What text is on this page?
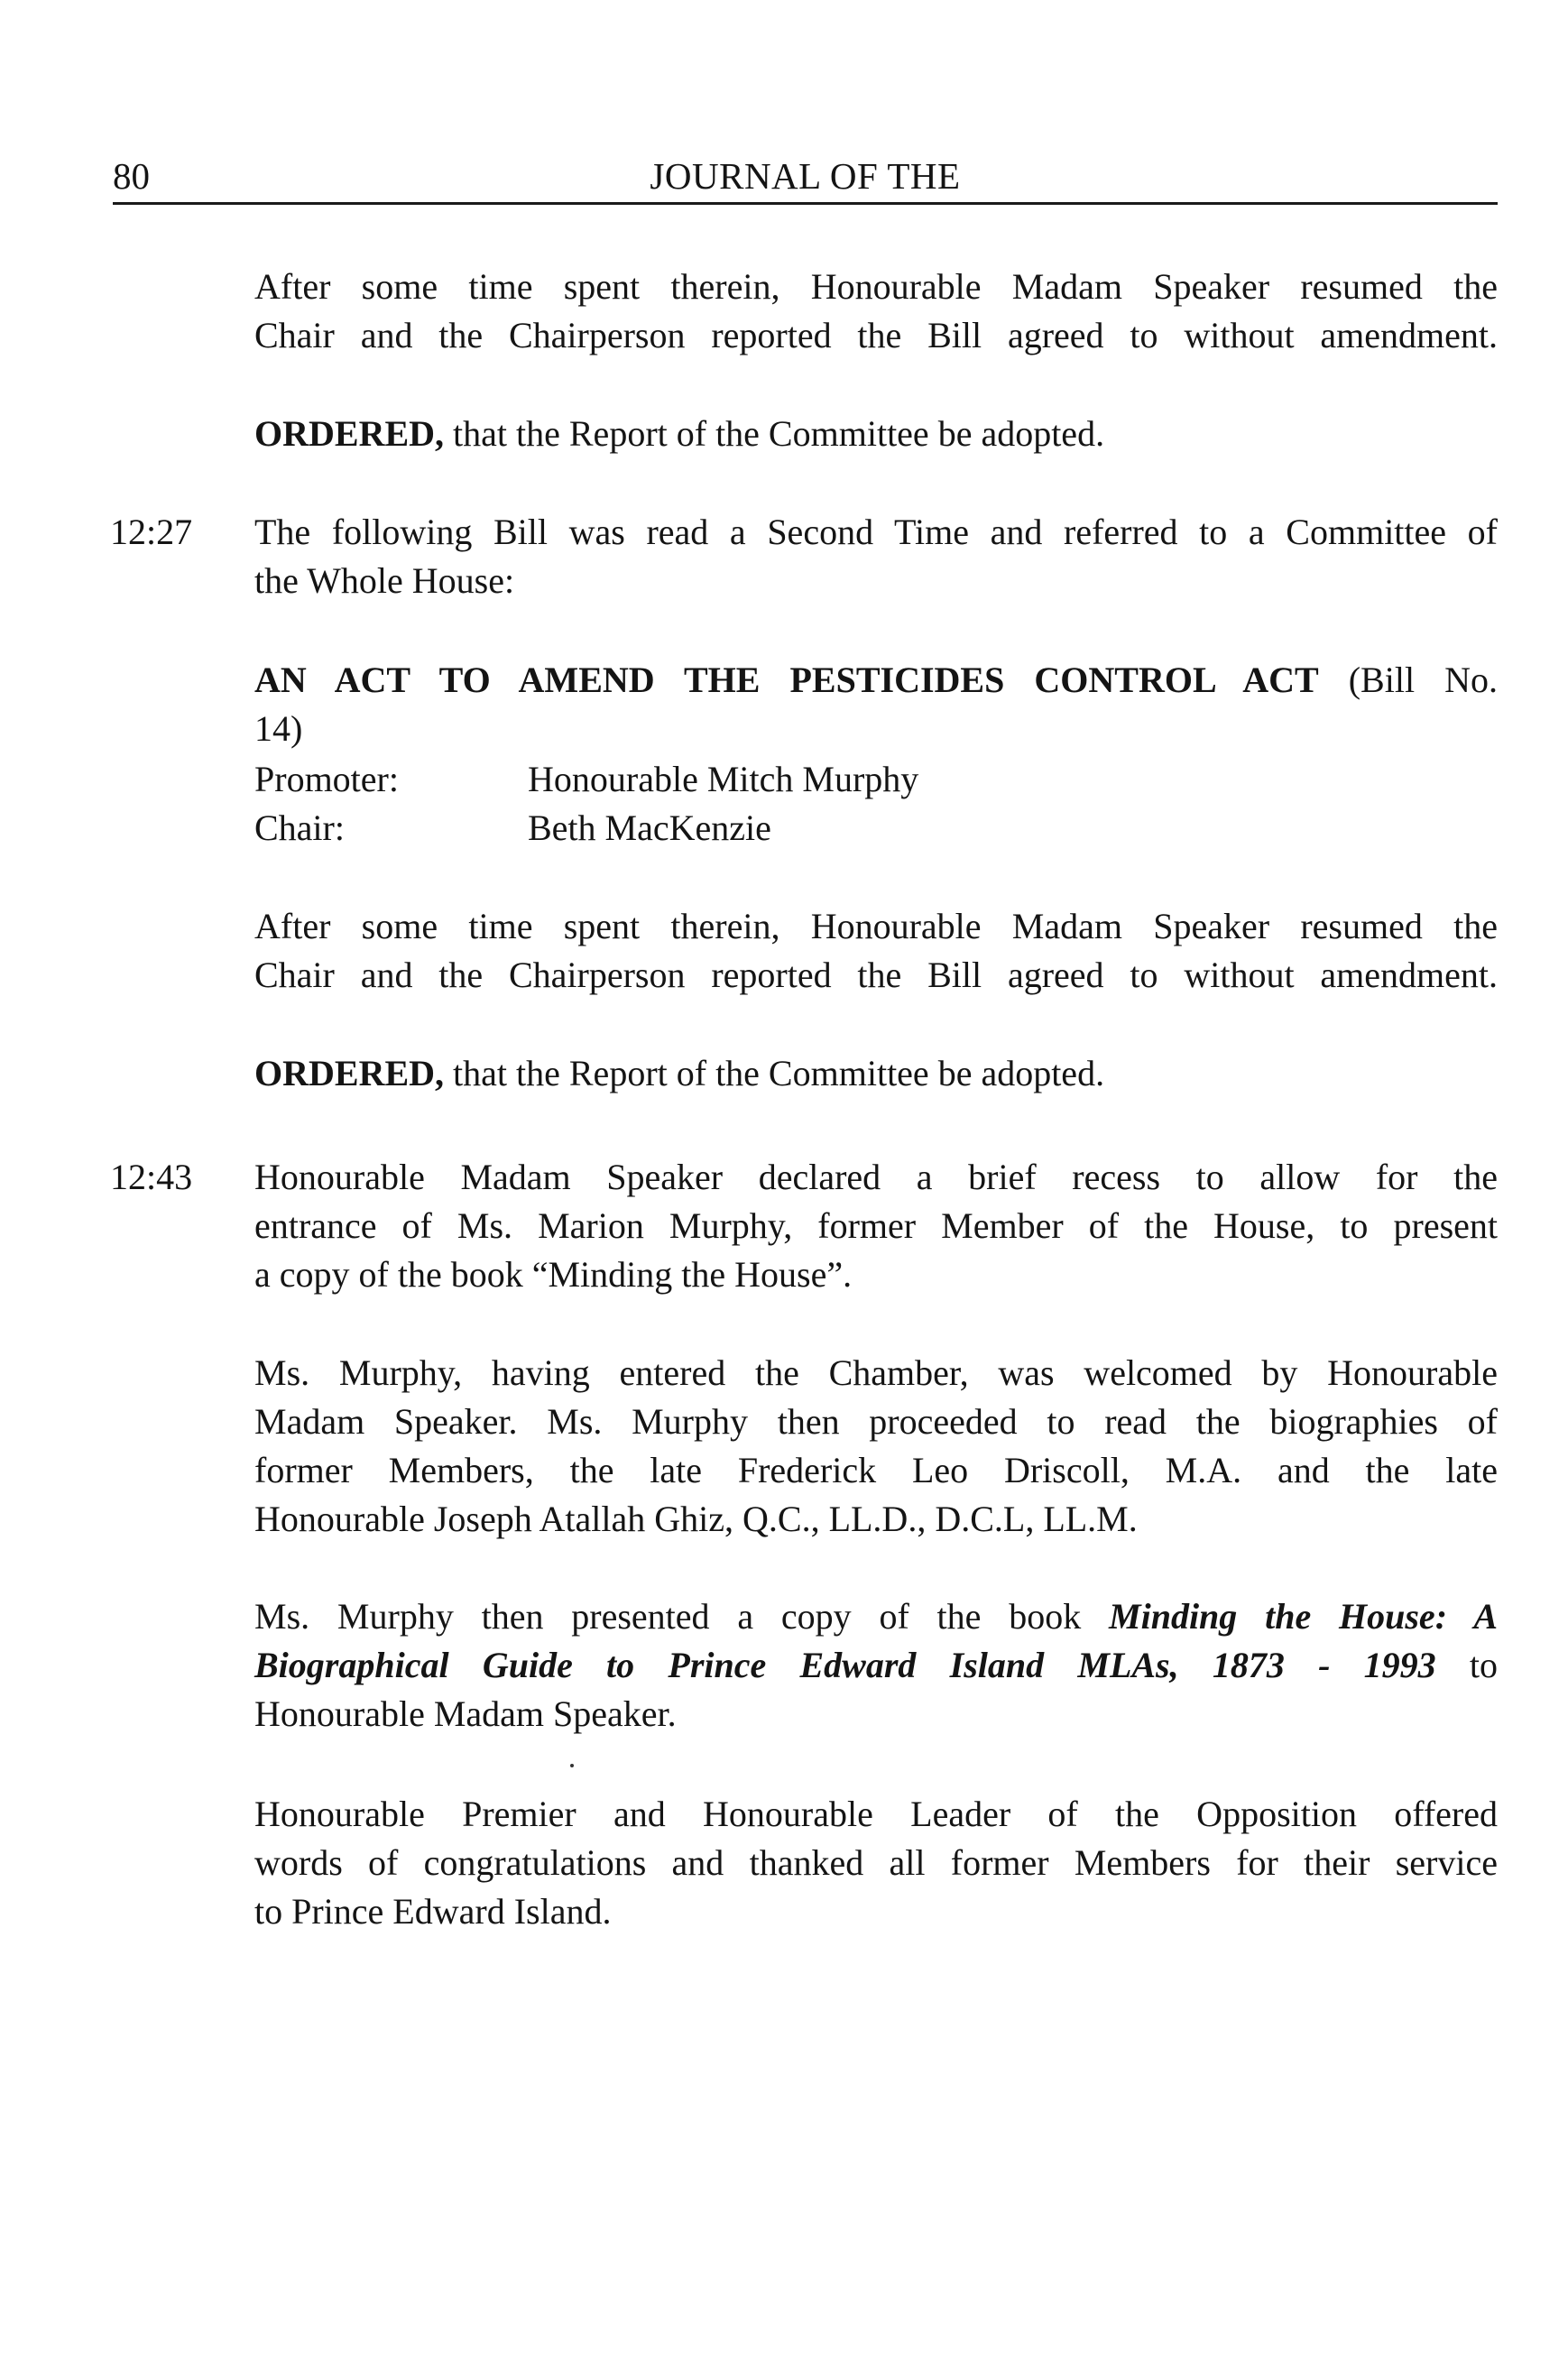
80	JOURNAL OF THE

After some time spent therein, Honourable Madam Speaker resumed the
Chair and the Chairperson reported the Bill agreed to without amendment.

ORDERED, that the Report of the Committee be adopted.

12:27 The following Bill was read a Second Time and referred to a Committee of
the Whole House:

AN ACT TO AMEND THE PESTICIDES CONTROL ACT (Bill No.
14)

Promoter:	Honourable Mitch Murphy
Chair:	Beth MacKenzie

After some time spent therein, Honourable Madam Speaker resumed the
Chair and the Chairperson reported the Bill agreed to without amendment.

ORDERED, that the Report of the Committee be adopted.

12:43 Honourable Madam Speaker declared a brief recess to allow for the
entrance of Ms. Marion Murphy, former Member of the House, to present
a copy of the book “Minding the House”.

Ms. Murphy, having entered the Chamber, was welcomed by Honourable
Madam Speaker. Ms. Murphy then proceeded to read the biographies of
former Members, the late Frederick Leo Driscoll, M.A. and the late
Honourable Joseph Atallah Ghiz, Q.C., LL.D., D.C.L, LL.M.

Ms. Murphy then presented a copy of the book Minding the House: A
Biographical Guide to Prince Edward Island MLAs, 1873 - 1993 to
Honourable Madam Speaker.

Honourable Premier and Honourable Leader of the Opposition offered
words of congratulations and thanked all former Members for their service
to Prince Edward Island.
